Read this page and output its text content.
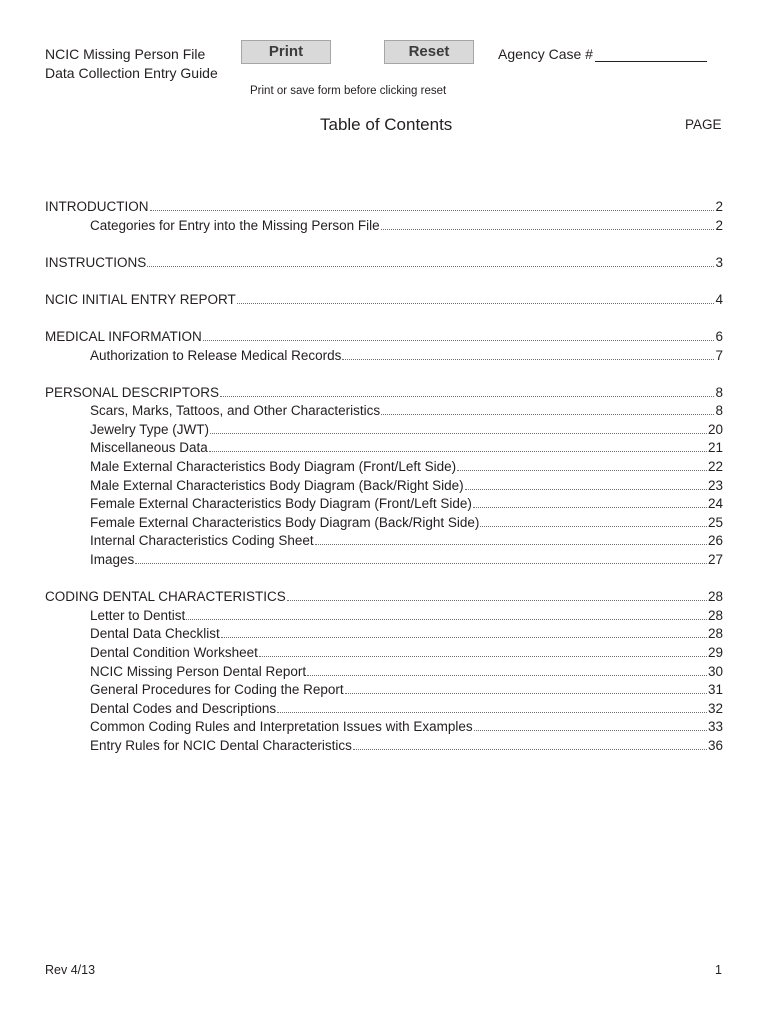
NCIC Missing Person File
Data Collection Entry Guide
Print	Reset	Agency Case #
Print or save form before clicking reset
Table of Contents	PAGE
INTRODUCTION	2
Categories for Entry into the Missing Person File	2
INSTRUCTIONS	3
NCIC INITIAL ENTRY REPORT	4
MEDICAL INFORMATION	6
Authorization to Release Medical Records	7
PERSONAL DESCRIPTORS	8
Scars, Marks, Tattoos, and Other Characteristics	8
Jewelry Type (JWT)	20
Miscellaneous Data	21
Male External Characteristics Body Diagram (Front/Left Side)	22
Male External Characteristics Body Diagram (Back/Right Side)	23
Female External Characteristics Body Diagram (Front/Left Side)	24
Female External Characteristics Body Diagram (Back/Right Side)	25
Internal Characteristics Coding Sheet	26
Images	27
CODING DENTAL CHARACTERISTICS	28
Letter to Dentist	28
Dental Data Checklist	28
Dental Condition Worksheet	29
NCIC Missing Person Dental Report	30
General Procedures for Coding the Report	31
Dental Codes and Descriptions	32
Common Coding Rules and Interpretation Issues with Examples	33
Entry Rules for NCIC Dental Characteristics	36
Rev 4/13	1
